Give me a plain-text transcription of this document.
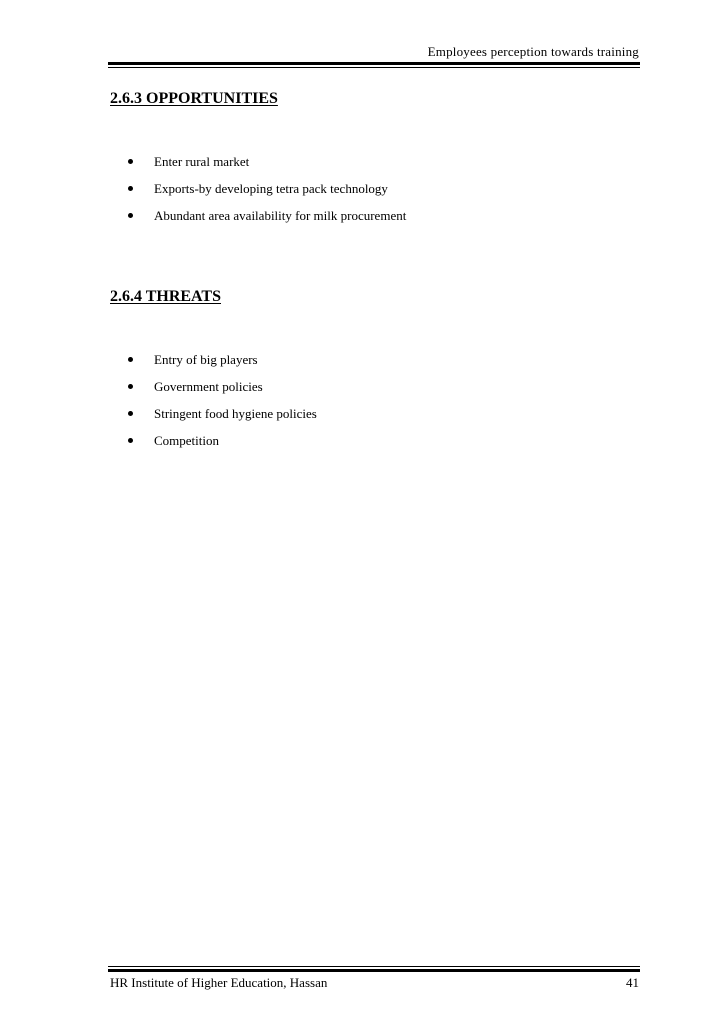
Employees perception towards training
2.6.3 OPPORTUNITIES
Enter rural market
Exports-by developing tetra pack technology
Abundant area availability for milk procurement
2.6.4 THREATS
Entry of big players
Government policies
Stringent food hygiene policies
Competition
HR Institute of Higher Education, Hassan	41
